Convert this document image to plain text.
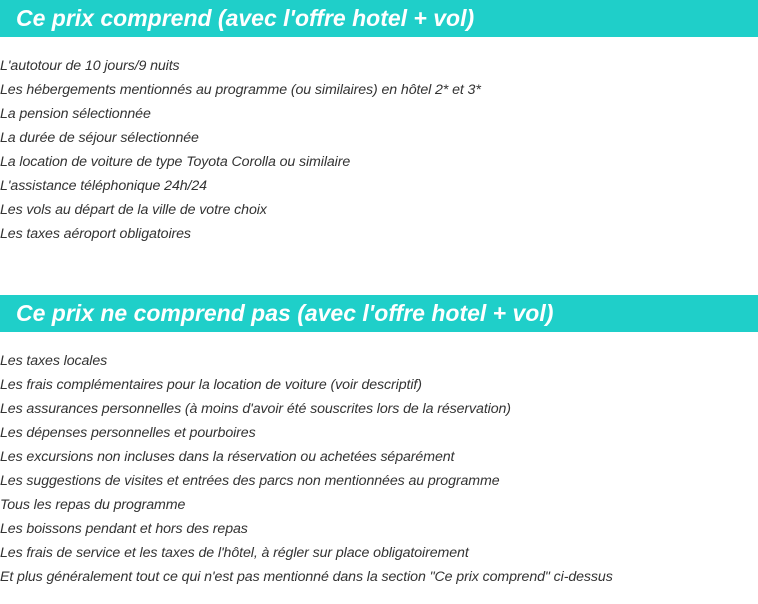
Ce prix comprend (avec l'offre hotel + vol)
L'autotour de 10 jours/9 nuits
Les hébergements mentionnés au programme (ou similaires) en hôtel 2* et 3*
La pension sélectionnée
La durée de séjour sélectionnée
La location de voiture de type Toyota Corolla ou similaire
L'assistance téléphonique 24h/24
Les vols au départ de la ville de votre choix
Les taxes aéroport obligatoires
Ce prix ne comprend pas (avec l'offre hotel + vol)
Les taxes locales
Les frais complémentaires pour la location de voiture (voir descriptif)
Les assurances personnelles (à moins d'avoir été souscrites lors de la réservation)
Les dépenses personnelles et pourboires
Les excursions non incluses dans la réservation ou achetées séparément
Les suggestions de visites et entrées des parcs non mentionnées au programme
Tous les repas du programme
Les boissons pendant et hors des repas
Les frais de service et les taxes de l'hôtel, à régler sur place obligatoirement
Et plus généralement tout ce qui n'est pas mentionné dans la section "Ce prix comprend" ci-dessus
